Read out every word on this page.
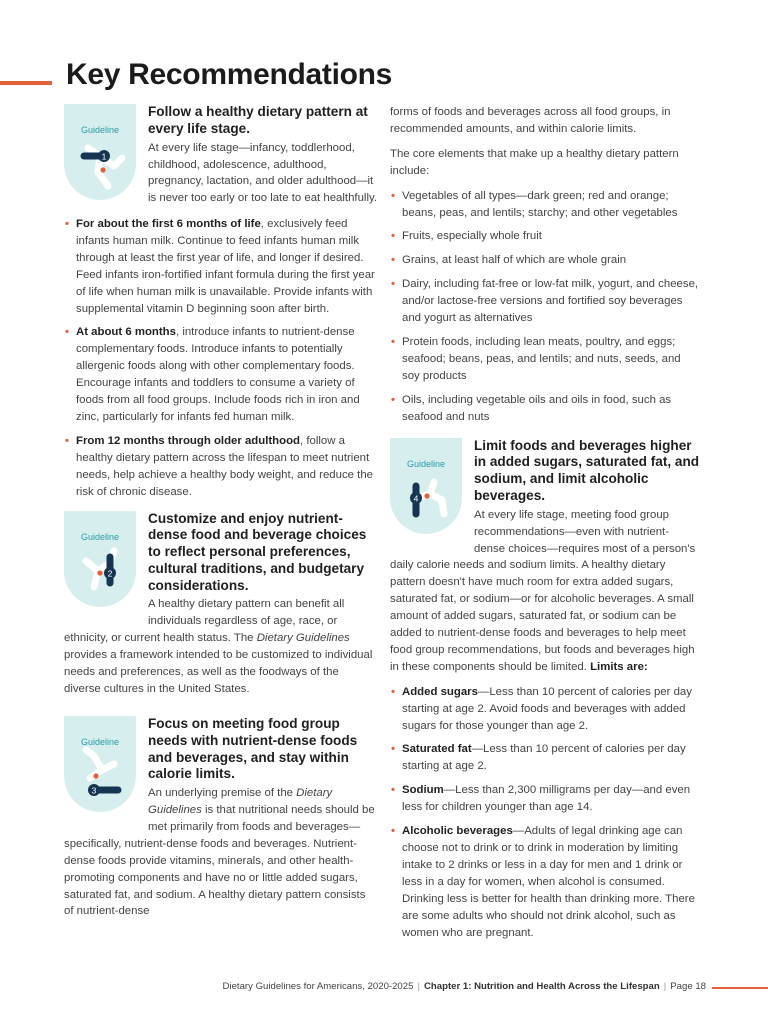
Key Recommendations
1
Guideline

Follow a healthy dietary pattern at every life stage.

At every life stage—infancy, toddlerhood, childhood, adolescence, adulthood, pregnancy, lactation, and older adulthood—it is never too early or too late to eat healthfully.

• For about the first 6 months of life, exclusively feed infants human milk. Continue to feed infants human milk through at least the first year of life, and longer if desired. Feed infants iron-fortified infant formula during the first year of life when human milk is unavailable. Provide infants with supplemental vitamin D beginning soon after birth.
• At about 6 months, introduce infants to nutrient-dense complementary foods. Introduce infants to potentially allergenic foods along with other complementary foods. Encourage infants and toddlers to consume a variety of foods from all food groups. Include foods rich in iron and zinc, particularly for infants fed human milk.
• From 12 months through older adulthood, follow a healthy dietary pattern across the lifespan to meet nutrient needs, help achieve a healthy body weight, and reduce the risk of chronic disease.
2
Guideline

Customize and enjoy nutrient-dense food and beverage choices to reflect personal preferences, cultural traditions, and budgetary considerations.

A healthy dietary pattern can benefit all individuals regardless of age, race, or ethnicity, or current health status. The Dietary Guidelines provides a framework intended to be customized to individual needs and preferences, as well as the foodways of the diverse cultures in the United States.

3
Guideline

Focus on meeting food group needs with nutrient-dense foods and beverages, and stay within calorie limits.

An underlying premise of the Dietary Guidelines is that nutritional needs should be met primarily from foods and beverages—specifically, nutrient-dense foods and beverages. Nutrient-dense foods provide vitamins, minerals, and other health-promoting components and have no or little added sugars, saturated fat, and sodium. A healthy dietary pattern consists of nutrient-dense

forms of foods and beverages across all food groups, in recommended amounts, and within calorie limits.

The core elements that make up a healthy dietary pattern include:

• Vegetables of all types—dark green; red and orange; beans, peas, and lentils; starchy; and other vegetables
• Fruits, especially whole fruit
• Grains, at least half of which are whole grain
• Dairy, including fat-free or low-fat milk, yogurt, and cheese, and/or lactose-free versions and fortified soy beverages and yogurt as alternatives
• Protein foods, including lean meats, poultry, and eggs; seafood; beans, peas, and lentils; and nuts, seeds, and soy products
• Oils, including vegetable oils and oils in food, such as seafood and nuts
4
Guideline

Limit foods and beverages higher in added sugars, saturated fat, and sodium, and limit alcoholic beverages.

At every life stage, meeting food group recommendations—even with nutrient-dense choices—requires most of a person's daily calorie needs and sodium limits. A healthy dietary pattern doesn't have much room for extra added sugars, saturated fat, or sodium—or for alcoholic beverages. A small amount of added sugars, saturated fat, or sodium can be added to nutrient-dense foods and beverages to help meet food group recommendations, but foods and beverages high in these components should be limited. Limits are:

• Added sugars—Less than 10 percent of calories per day starting at age 2. Avoid foods and beverages with added sugars for those younger than age 2.
• Saturated fat—Less than 10 percent of calories per day starting at age 2.
• Sodium—Less than 2,300 milligrams per day—and even less for children younger than age 14.
• Alcoholic beverages—Adults of legal drinking age can choose not to drink or to drink in moderation by limiting intake to 2 drinks or less in a day for men and 1 drink or less in a day for women, when alcohol is consumed. Drinking less is better for health than drinking more. There are some adults who should not drink alcohol, such as women who are pregnant.
Dietary Guidelines for Americans, 2020-2025 | Chapter 1: Nutrition and Health Across the Lifespan | Page 18
